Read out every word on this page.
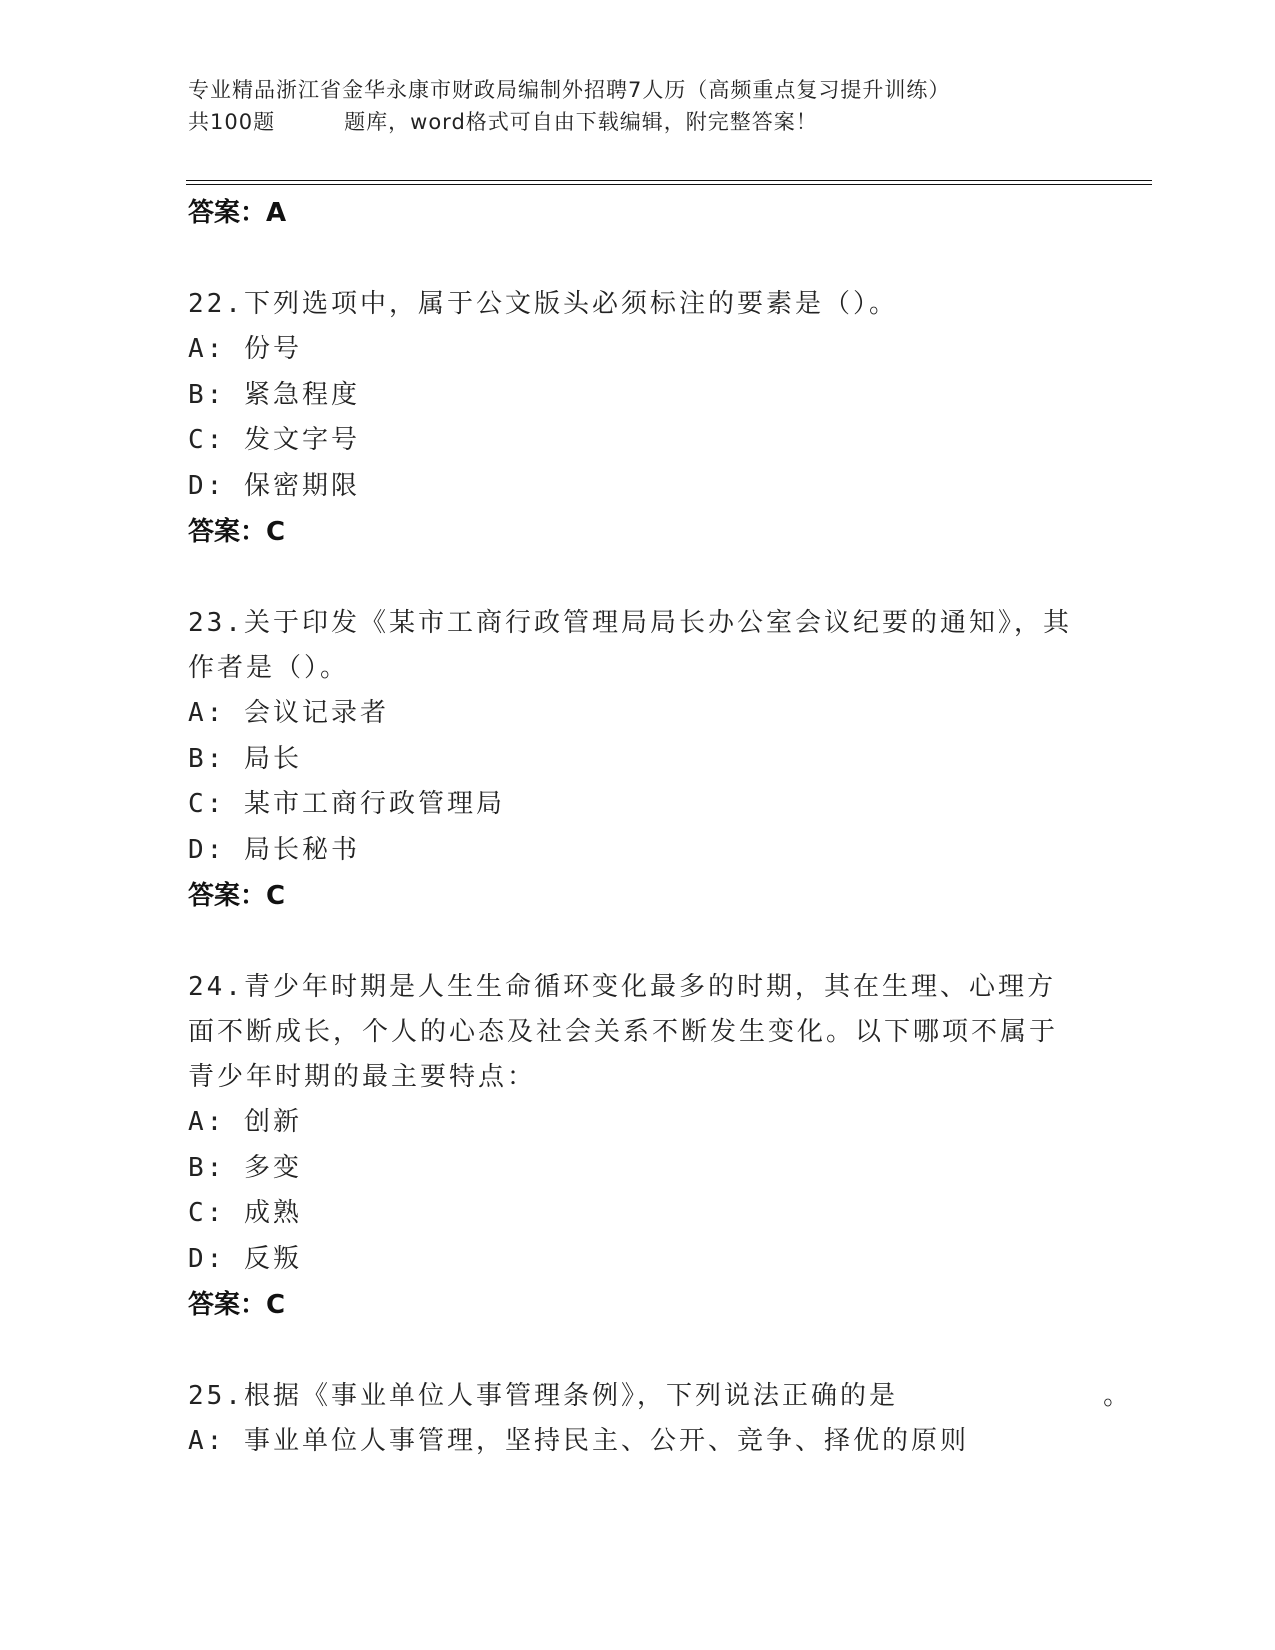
专业精品浙江省金华永康市财政局编制外招聘7人历（高频重点复习提升训练）
共100题         题库，word格式可自由下载编辑，附完整答案！
答案：A
22.下列选项中，属于公文版头必须标注的要素是（）。
A: 份号
B: 紧急程度
C: 发文字号
D: 保密期限
答案：C
23.关于印发《某市工商行政管理局局长办公室会议纪要的通知》，其作者是（）。
A: 会议记录者
B: 局长
C: 某市工商行政管理局
D: 局长秘书
答案：C
24.青少年时期是人生生命循环变化最多的时期，其在生理、心理方面不断成长，个人的心态及社会关系不断发生变化。以下哪项不属于青少年时期的最主要特点：
A: 创新
B: 多变
C: 成熟
D: 反叛
答案：C
25.根据《事业单位人事管理条例》，下列说法正确的是           。
A: 事业单位人事管理，坚持民主、公开、竞争、择优的原则
